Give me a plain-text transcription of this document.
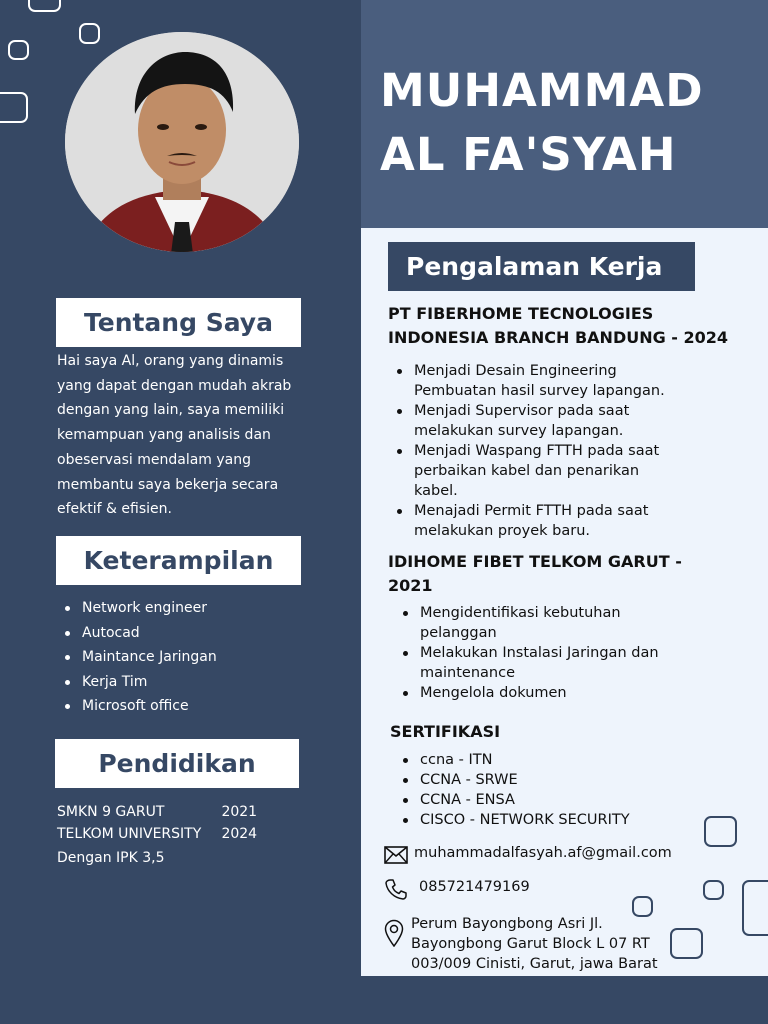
Tentang Saya
Hai saya Al, orang yang dinamis
yang dapat dengan mudah akrab
dengan yang lain, saya memiliki
kemampuan yang analisis dan
obeservasi mendalam yang
membantu saya bekerja secara
efektif & efisien.
Keterampilan
Network engineer
Autocad
Maintance Jaringan
Kerja Tim
Microsoft office
Pendidikan
SMKN 9 GARUT	2021
TELKOM UNIVERSITY 2024
Dengan IPK 3,5
MUHAMMAD
AL FA'SYAH
Pengalaman Kerja
PT FIBERHOME TECNOLOGIES
INDONESIA BRANCH BANDUNG - 2024
Menjadi Desain Engineering
Pembuatan hasil survey lapangan.
Menjadi Supervisor pada saat
melakukan survey lapangan.
Menjadi Waspang FTTH pada saat
perbaikan kabel dan penarikan
kabel.
Menajadi Permit FTTH pada saat
melakukan proyek baru.
IDIHOME FIBET TELKOM GARUT -
2021
Mengidentifikasi kebutuhan
pelanggan
Melakukan Instalasi Jaringan dan
maintenance
Mengelola dokumen
SERTIFIKASI
ccna - ITN
CCNA - SRWE
CCNA - ENSA
CISCO - NETWORK SECURITY
muhammadalfasyah.af@gmail.com
085721479169
Perum Bayongbong Asri Jl.
Bayongbong Garut Block L 07 RT
003/009 Cinisti, Garut, jawa Barat
